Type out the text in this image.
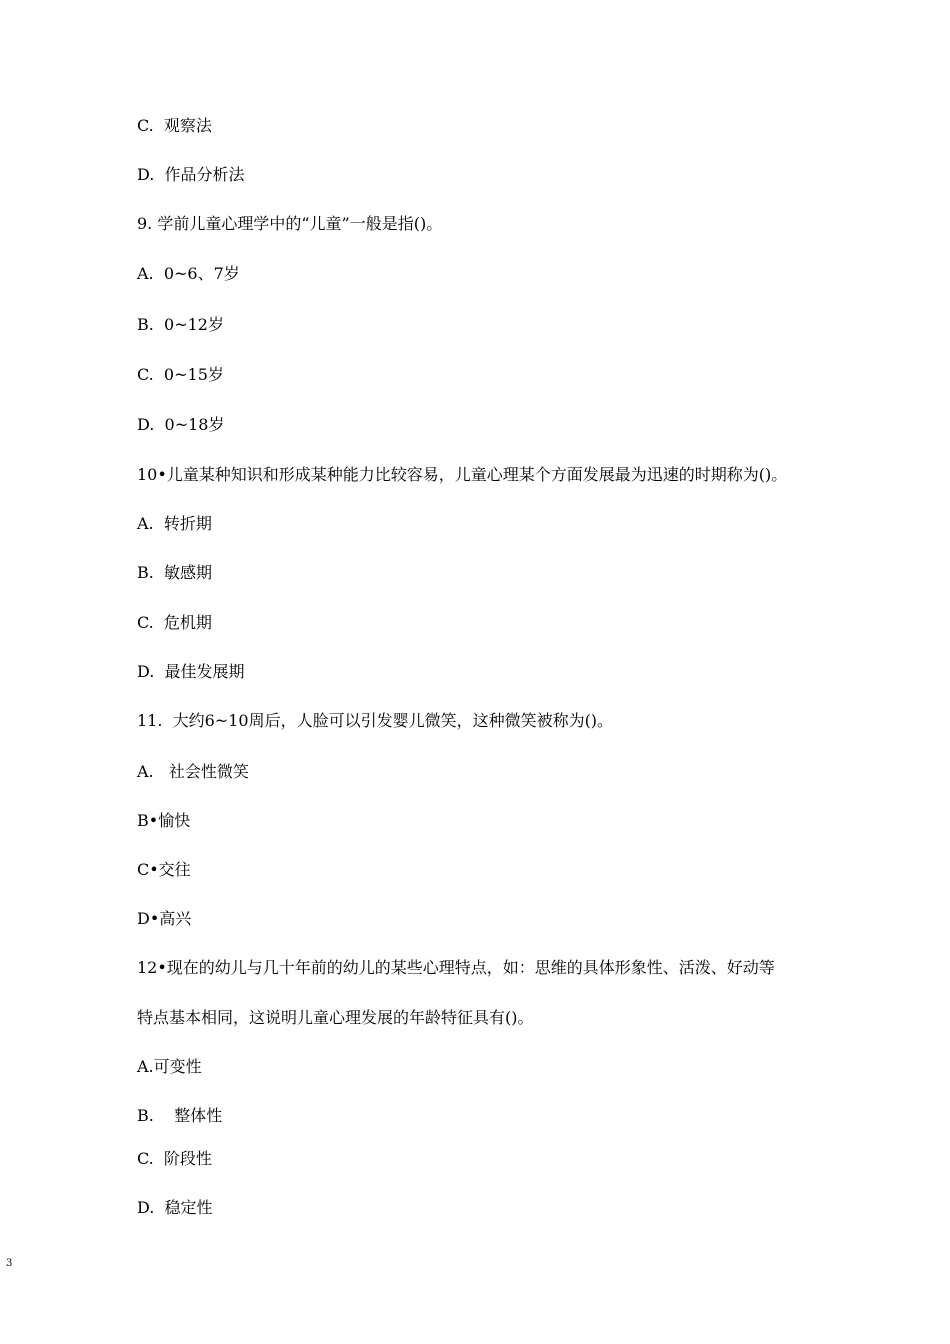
C.  观察法
D.  作品分析法
9. 学前儿童心理学中的“儿童”一般是指()。
A.  0~6、7岁
B.  0~12岁
C.  0~15岁
D.  0~18岁
10•儿童某种知识和形成某种能力比较容易，儿童心理某个方面发展最为迅速的时期称为()。
A.  转折期
B.  敏感期
C.  危机期
D.  最佳发展期
11.  大约6~10周后，人脸可以引发婴儿微笑，这种微笑被称为()。
A.   社会性微笑
B•愉快
C•交往
D•高兴
12•现在的幼儿与几十年前的幼儿的某些心理特点，如：思维的具体形象性、活泼、好动等
特点基本相同，这说明儿童心理发展的年龄特征具有()。
A.可变性
B.    整体性
C.  阶段性
D.  稳定性
3
